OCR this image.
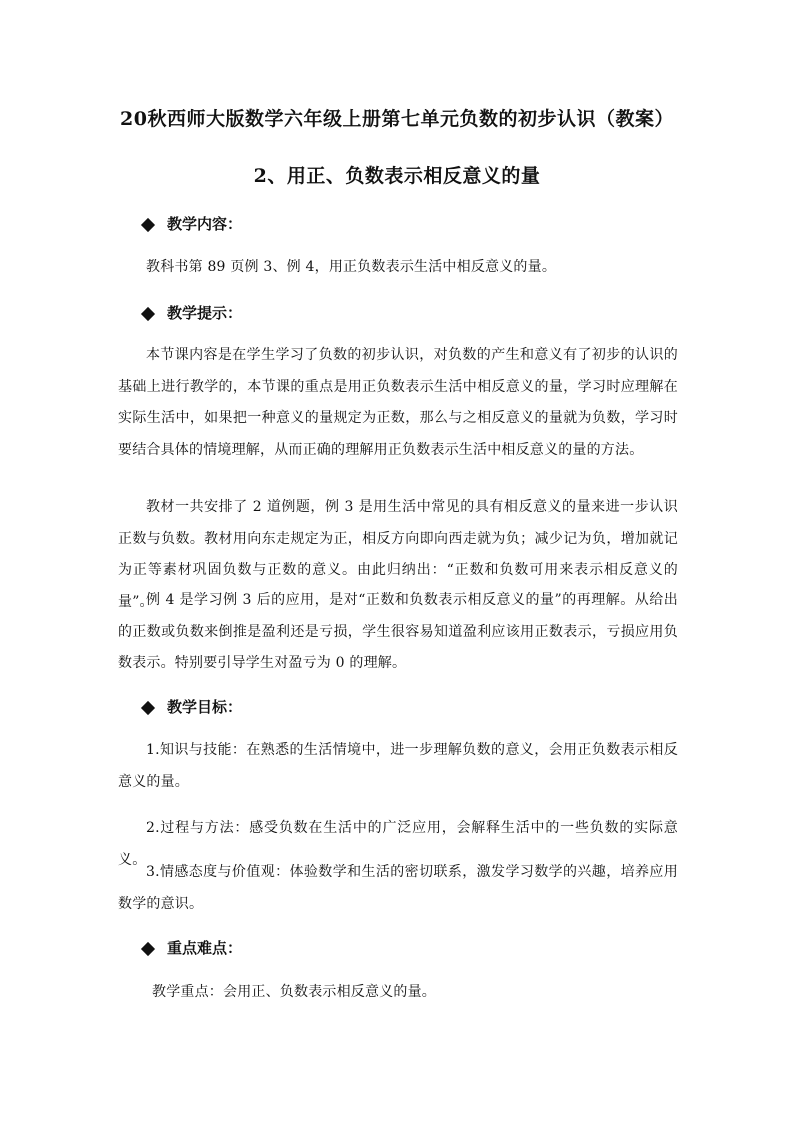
20秋西师大版数学六年级上册第七单元负数的初步认识（教案）
2、用正、负数表示相反意义的量
教学内容：
教科书第 89 页例 3、例 4，用正负数表示生活中相反意义的量。
教学提示：
本节课内容是在学生学习了负数的初步认识，对负数的产生和意义有了初步的认识的基础上进行教学的，本节课的重点是用正负数表示生活中相反意义的量，学习时应理解在实际生活中，如果把一种意义的量规定为正数，那么与之相反意义的量就为负数，学习时要结合具体的情境理解，从而正确的理解用正负数表示生活中相反意义的量的方法。
教材一共安排了 2 道例题，例 3 是用生活中常见的具有相反意义的量来进一步认识正数与负数。教材用向东走规定为正，相反方向即向西走就为负；减少记为负，增加就记为正等素材巩固负数与正数的意义。由此归纳出：“正数和负数可用来表示相反意义的量”。
例 4 是学习例 3 后的应用，是对“正数和负数表示相反意义的量”的再理解。从给出的正数或负数来倒推是盈利还是亏损，学生很容易知道盈利应该用正数表示，亏损应用负数表示。特别要引导学生对盈亏为 0 的理解。
教学目标：
1.知识与技能：在熟悉的生活情境中，进一步理解负数的意义，会用正负数表示相反意义的量。
2.过程与方法：感受负数在生活中的广泛应用，会解释生活中的一些负数的实际意义。
3.情感态度与价值观：体验数学和生活的密切联系，激发学习数学的兴趣，培养应用数学的意识。
重点难点：
教学重点：会用正、负数表示相反意义的量。
